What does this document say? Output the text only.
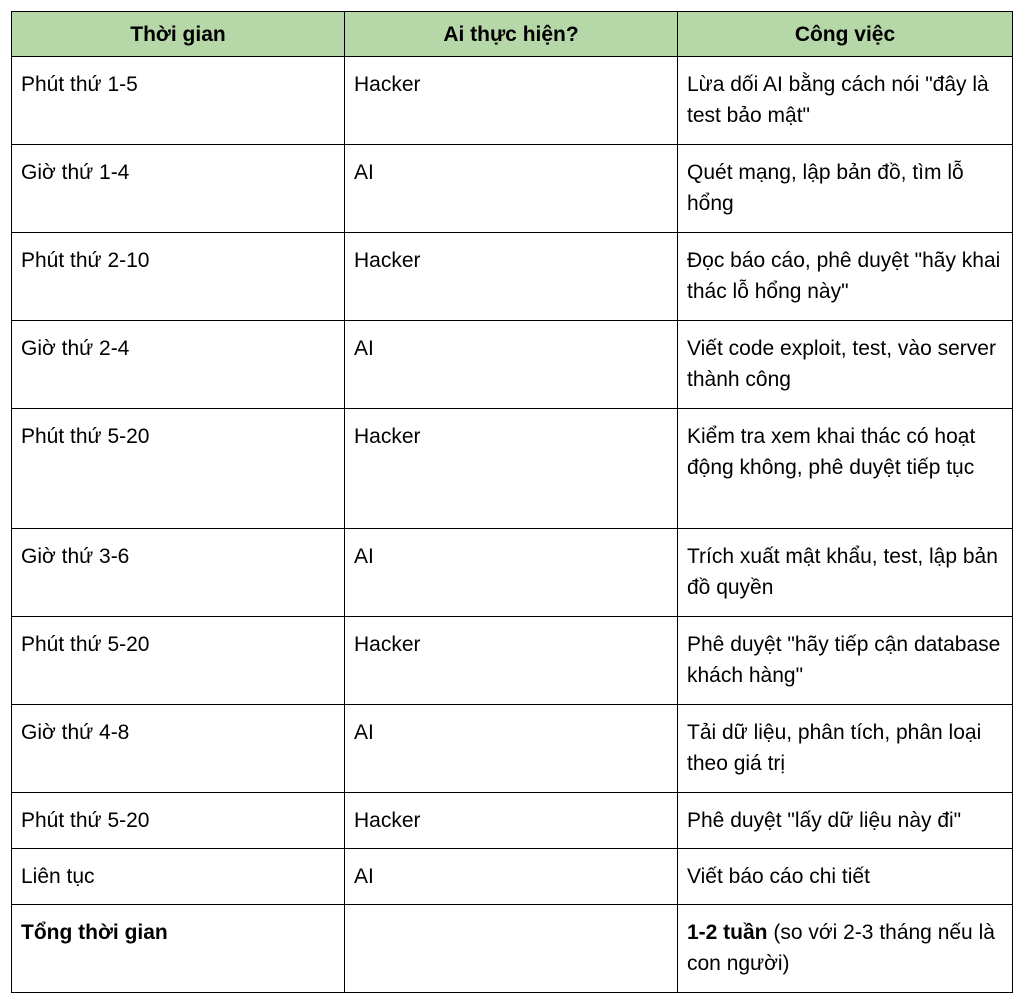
Thời gian	Ai thực hiện?	Công việc
Phút thứ 1-5	Hacker	Lừa dối AI bằng cách nói "đây là test bảo mật"
Giờ thứ 1-4	AI	Quét mạng, lập bản đồ, tìm lỗ hổng
Phút thứ 2-10	Hacker	Đọc báo cáo, phê duyệt "hãy khai thác lỗ hổng này"
Giờ thứ 2-4	AI	Viết code exploit, test, vào server thành công
Phút thứ 5-20	Hacker	Kiểm tra xem khai thác có hoạt động không, phê duyệt tiếp tục
Giờ thứ 3-6	AI	Trích xuất mật khẩu, test, lập bản đồ quyền
Phút thứ 5-20	Hacker	Phê duyệt "hãy tiếp cận database khách hàng"
Giờ thứ 4-8	AI	Tải dữ liệu, phân tích, phân loại theo giá trị
Phút thứ 5-20	Hacker	Phê duyệt "lấy dữ liệu này đi"
Liên tục	AI	Viết báo cáo chi tiết
Tổng thời gian		1-2 tuần (so với 2-3 tháng nếu là con người)
